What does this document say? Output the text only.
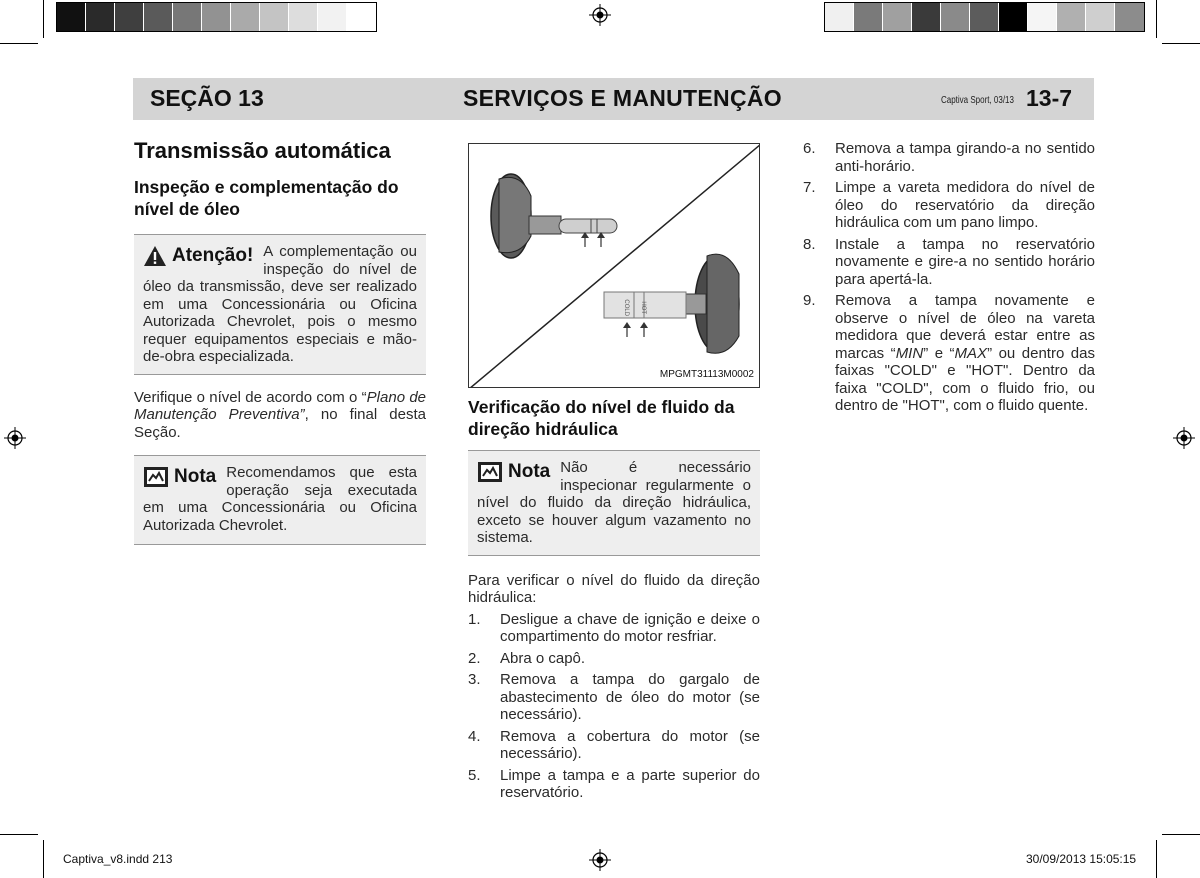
SEÇÃO 13	SERVIÇOS E MANUTENÇÃO	Captiva Sport, 03/13 13-7
Transmissão automática
Inspeção e complementação do nível de óleo
Atenção! A complementação ou inspeção do nível de óleo da transmissão, deve ser realizado em uma Concessionária ou Oficina Autorizada Chevrolet, pois o mesmo requer equipamentos especiais e mão-de-obra especializada.

Verifique o nível de acordo com o “Plano de Manutenção Preventiva”, no final desta Seção.

Nota Recomendamos que esta operação seja executada em uma Concessionária ou Oficina Autorizada Chevrolet.
COLD	HOT
MPGMT31113M0002
Verificação do nível de fluido da direção hidráulica
Nota Não é necessário inspecionar regularmente o nível do fluido da direção hidráulica, exceto se houver algum vazamento no sistema.

Para verificar o nível do fluido da direção hidráulica:

1.	Desligue a chave de ignição e deixe o compartimento do motor resfriar.
2.	Abra o capô.
3.	Remova a tampa do gargalo de abastecimento de óleo do motor (se necessário).
4.	Remova a cobertura do motor (se necessário).
5.	Limpe a tampa e a parte superior do reservatório.
6.	Remova a tampa girando-a no sentido anti-horário.
7.	Limpe a vareta medidora do nível de óleo do reservatório da direção hidráulica com um pano limpo.
8.	Instale a tampa no reservatório novamente e gire-a no sentido horário para apertá-la.
9.	Remova a tampa novamente e observe o nível de óleo na vareta medidora que deverá estar entre as marcas “MIN” e “MAX” ou dentro das faixas "COLD" e "HOT". Dentro da faixa "COLD", com o fluido frio, ou dentro de "HOT", com o fluido quente.
Captiva_v8.indd 213	30/09/2013 15:05:15
